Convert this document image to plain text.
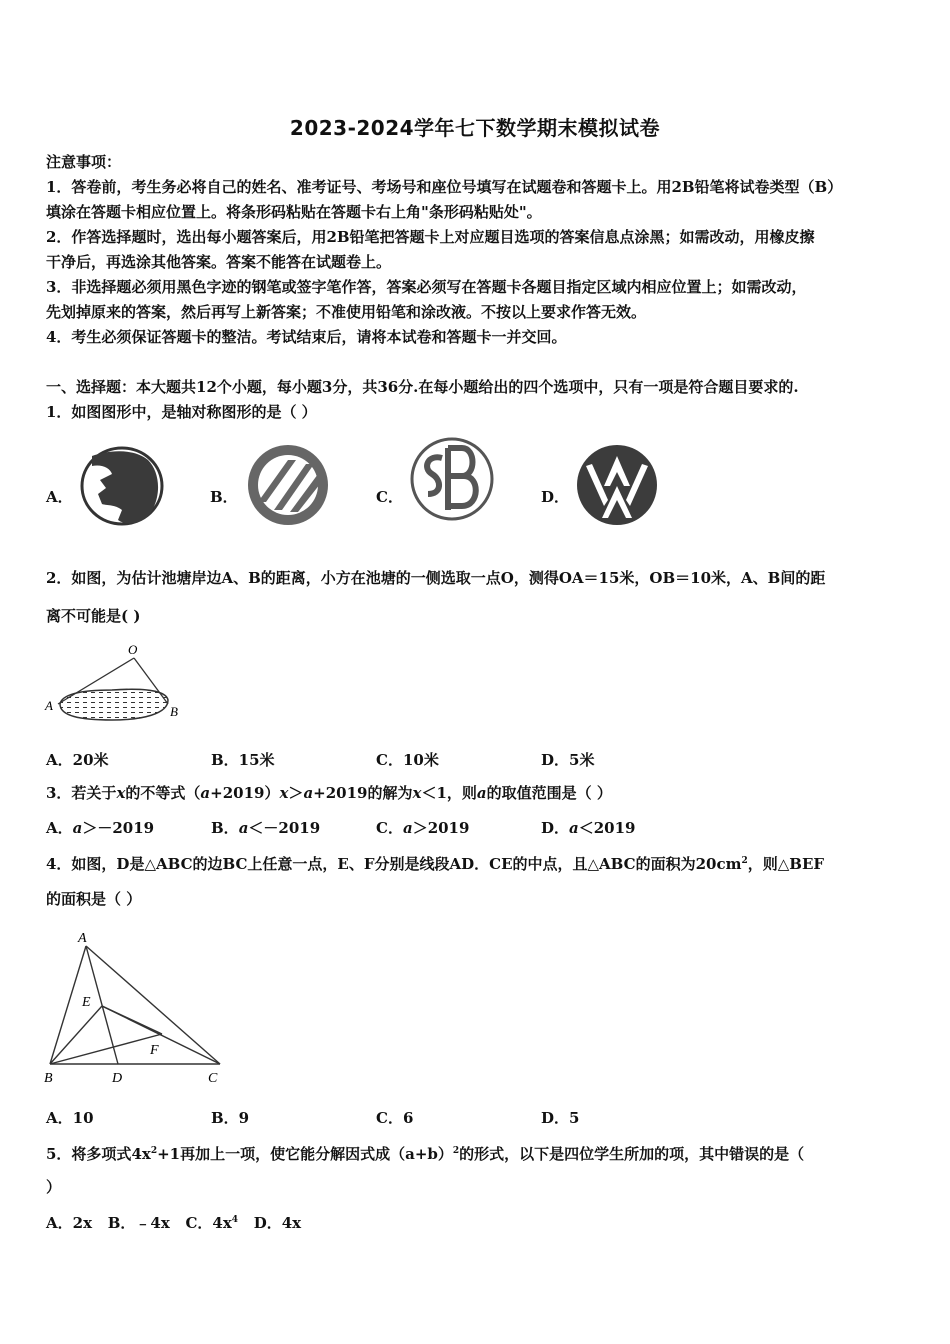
2023-2024学年七下数学期末模拟试卷
注意事项：
1．答卷前，考生务必将自己的姓名、准考证号、考场号和座位号填写在试题卷和答题卡上。用2B铅笔将试卷类型（B）
填涂在答题卡相应位置上。将条形码粘贴在答题卡右上角"条形码粘贴处"。
2．作答选择题时，选出每小题答案后，用2B铅笔把答题卡上对应题目选项的答案信息点涂黑；如需改动，用橡皮擦
干净后，再选涂其他答案。答案不能答在试题卷上。
3．非选择题必须用黑色字迹的钢笔或签字笔作答，答案必须写在答题卡各题目指定区域内相应位置上；如需改动，
先划掉原来的答案，然后再写上新答案；不准使用铅笔和涂改液。不按以上要求作答无效。
4．考生必须保证答题卡的整洁。考试结束后，请将本试卷和答题卡一并交回。
一、选择题：本大题共12个小题，每小题3分，共36分.在每小题给出的四个选项中，只有一项是符合题目要求的.
1．如图图形中，是轴对称图形的是（ ）
A．	B．	C．	D．
2．如图，为估计池塘岸边A、B的距离，小方在池塘的一侧选取一点O，测得OA＝15米，OB＝10米，A、B间的距
离不可能是( )
O
A	B
A．20米	B．15米	C．10米	D．5米
3．若关于x的不等式（a+2019）x＞a+2019的解为x＜1，则a的取值范围是（ ）
A．a＞－2019	B．a＜－2019	C．a＞2019	D．a＜2019
4．如图，D是△ABC的边BC上任意一点，E、F分别是线段AD．CE的中点，且△ABC的面积为$20cm^2$，则△BEF
的面积是（ ）
A
B	D	C
E
F
A．10	B．9	C．6	D．5
5．将多项式$4x^2+1$再加上一项，使它能分解因式成$(a+b)^2$的形式，以下是四位学生所加的项，其中错误的是（
）
A．2x B．﹣4x C．$4x^4$ D．4x
